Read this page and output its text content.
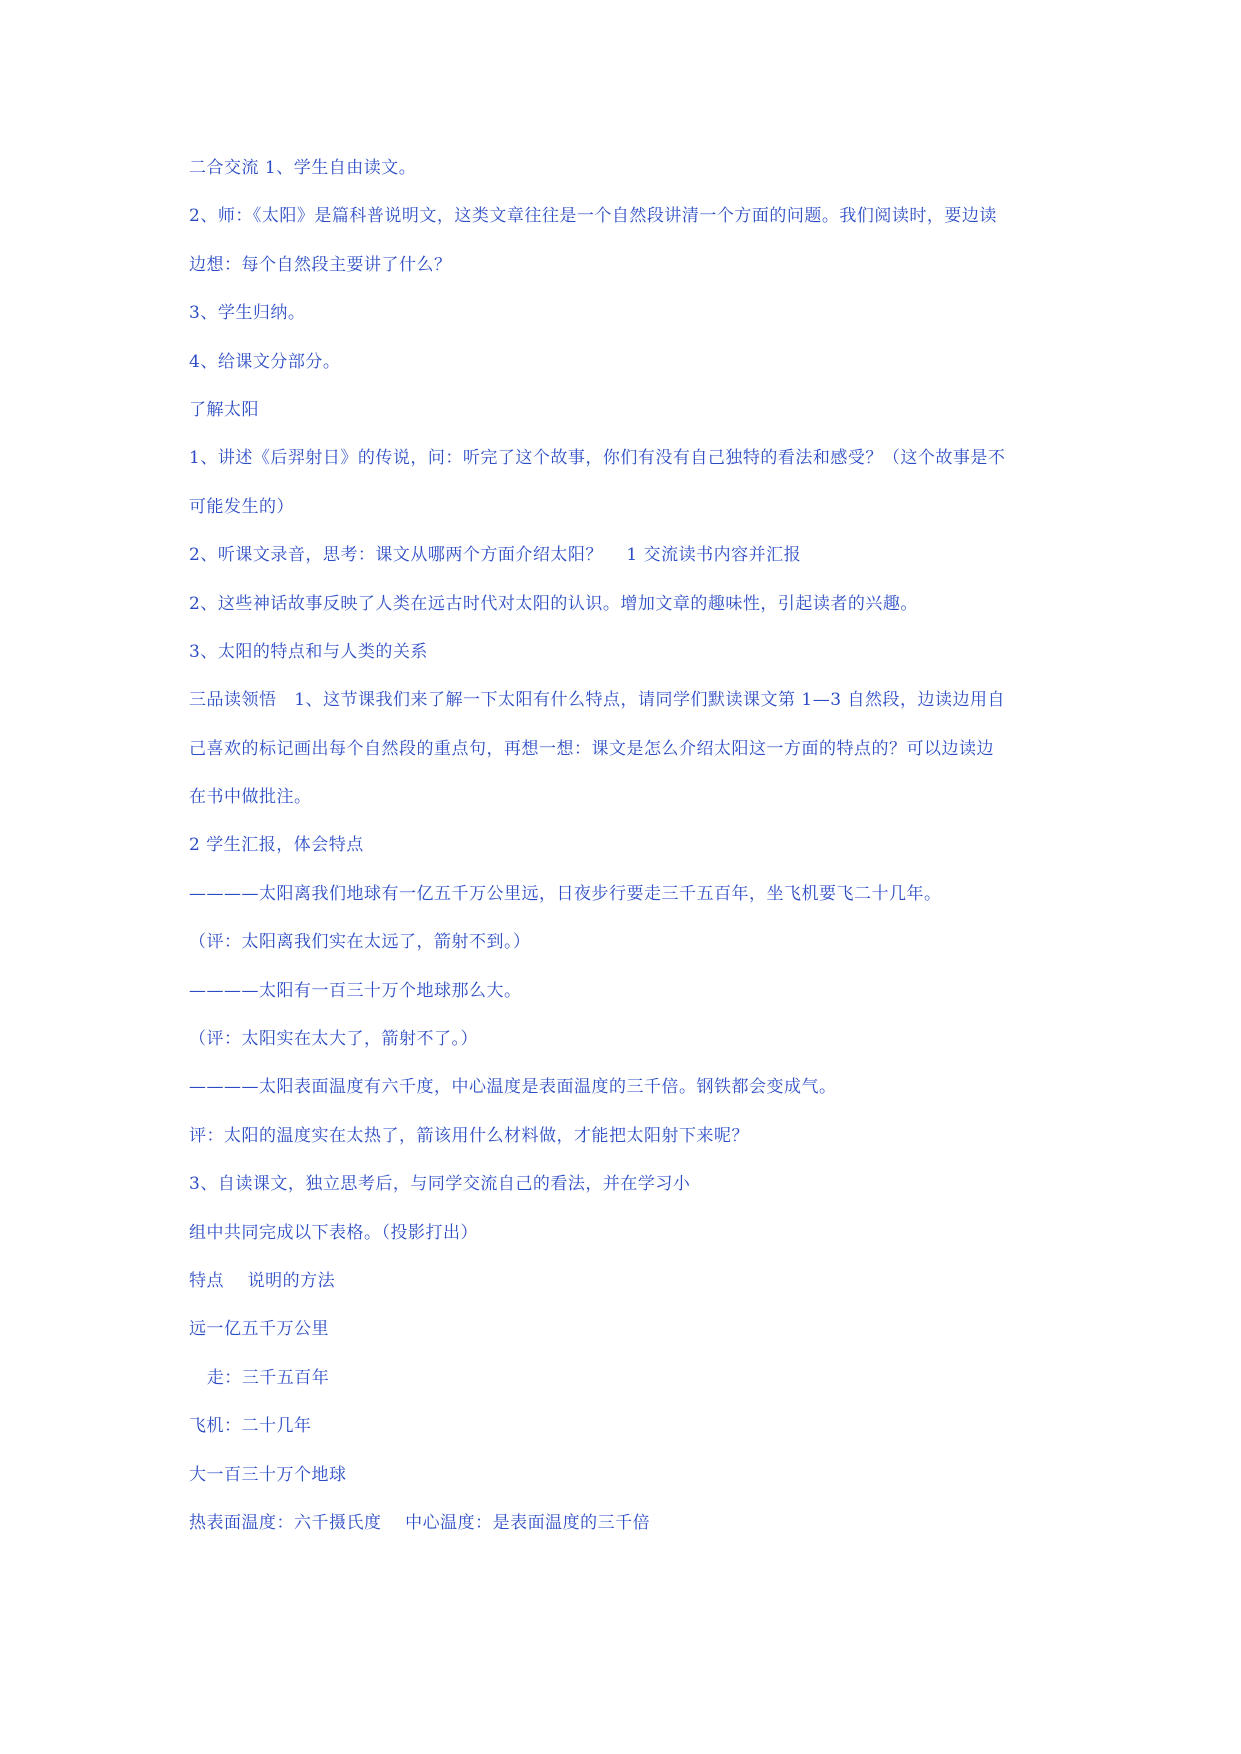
二合交流 1、学生自由读文。
2、师：《太阳》是篇科普说明文，这类文章往往是一个自然段讲清一个方面的问题。我们阅读时，要边读
边想：每个自然段主要讲了什么？
3、学生归纳。
4、给课文分部分。
了解太阳
1、讲述《后羿射日》的传说，问：听完了这个故事，你们有没有自己独特的看法和感受？（这个故事是不
可能发生的）
2、听课文录音，思考：课文从哪两个方面介绍太阳？    1 交流读书内容并汇报
2、这些神话故事反映了人类在远古时代对太阳的认识。增加文章的趣味性，引起读者的兴趣。
3、太阳的特点和与人类的关系
三品读领悟   1、这节课我们来了解一下太阳有什么特点，请同学们默读课文第 1—3 自然段，边读边用自
己喜欢的标记画出每个自然段的重点句，再想一想：课文是怎么介绍太阳这一方面的特点的？可以边读边
在书中做批注。
2 学生汇报，体会特点
————太阳离我们地球有一亿五千万公里远，日夜步行要走三千五百年，坐飞机要飞二十几年。
（评：太阳离我们实在太远了，箭射不到。）
————太阳有一百三十万个地球那么大。
（评：太阳实在太大了，箭射不了。）
————太阳表面温度有六千度，中心温度是表面温度的三千倍。钢铁都会变成气。
评：太阳的温度实在太热了，箭该用什么材料做，才能把太阳射下来呢？
3、自读课文，独立思考后，与同学交流自己的看法，并在学习小
组中共同完成以下表格。（投影打出）
特点    说明的方法
远一亿五千万公里
走：三千五百年
飞机：二十几年
大一百三十万个地球
热表面温度：六千摄氏度    中心温度：是表面温度的三千倍
